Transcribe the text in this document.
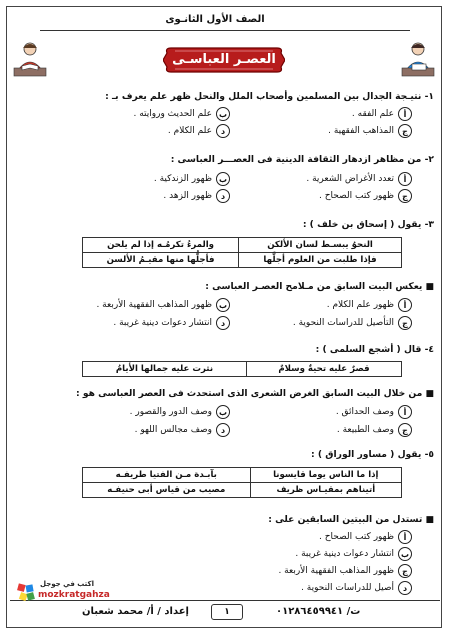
الصف الأول الثانـوى
العصـر العباسـى
١- نتيـجة الجدال بين المسلمين وأصحاب الملل والنحل ظهر علم يعرف بـ :
أ
علم الفقه .
ب
علم الحديث وروايته .
ج
المذاهب الفقهية .
د
علم الكلام .
٢- من مظاهر ازدهار الثقافة الدينية فى العصـــر العباسى :
أ
تعدد الأغراض الشعرية .
ب
ظهور الزندكية .
ج
ظهور كتب الصحاح .
د
ظهور الزهد .
٣- يقول ( إسحاق بن خلف ) :
النحوُ يبسـط لسان الألكن	والمرءُ تكرمُـه إذا لم يلحن
فإذا طلبت من العلوم أجلَّها	فأجلُّها منها مقيـمُ الألسن
■ يعكس البيت السابق من مـلامح العصـر العباسى :
أ
ظهور علم الكلام .
ب
ظهور المذاهب الفقهية الأربعة .
ج
التأصيل للدراسات النحوية .
د
انتشار دعوات دينية غريبة .
٤- قال ( أشجع السلمى ) :
قصرٌ عليه تحيةٌ وسلامٌ	نثرت عليه جمالها الأيامُ
■ من خلال البيت السابق الغرض الشعرى الذى استحدث فى العصر العباسى هو :
أ
وصف الحدائق .
ب
وصف الدور والقصور .
ج
وصف الطبيعة .
د
وصف مجالس اللهو .
٥- يقول ( مساور الوراق ) :
إذا ما الناس يوما قايسونا	بآبـدة مـن الفتيا طريفـه
أتيناهم بمقيـاس ظريف	مصيب من قياس أبى حنيفـه
■ تستدل من البيتين السابقين على :
أ
ظهور كتب الصحاح .
ب
انتشار دعوات دينية غريبة .
ج
ظهور المذاهب الفقهية الأربعة .
د
أصيل للدراسات النحوية .
اكتب في جوجل
mozkratgahza
إعداد / أ/ محمد شعبان	١	ت/ ٠١٢٨٦٤٥٩٩٤١
